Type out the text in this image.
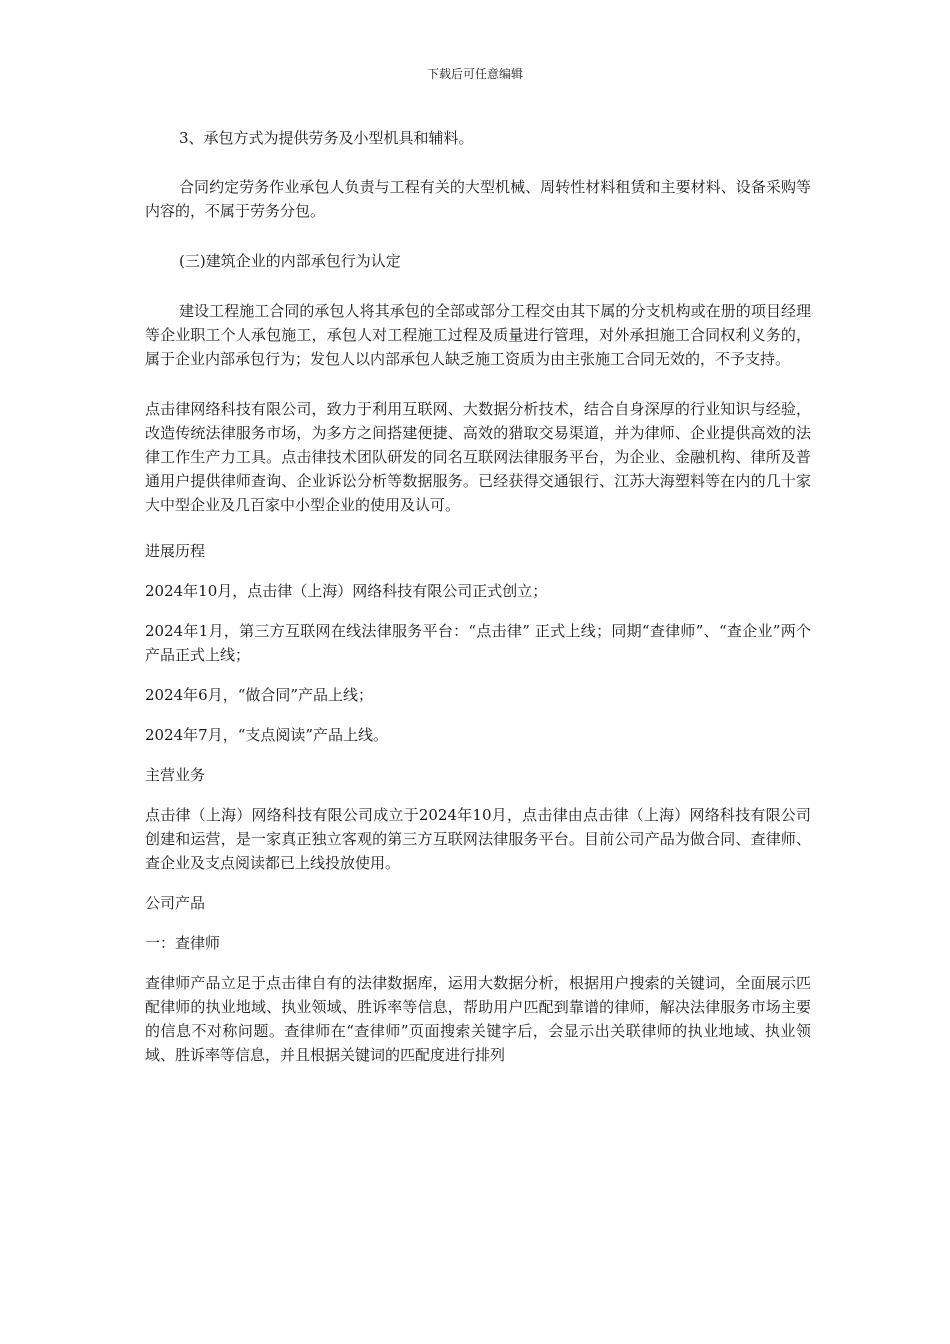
下载后可任意编辑

3、承包方式为提供劳务及小型机具和辅料。

合同约定劳务作业承包人负责与工程有关的大型机械、周转性材料租赁和主要材料、设备采购等内容的，不属于劳务分包。

(三)建筑企业的内部承包行为认定

建设工程施工合同的承包人将其承包的全部或部分工程交由其下属的分支机构或在册的项目经理等企业职工个人承包施工，承包人对工程施工过程及质量进行管理，对外承担施工合同权利义务的，属于企业内部承包行为；发包人以内部承包人缺乏施工资质为由主张施工合同无效的，不予支持。

点击律网络科技有限公司，致力于利用互联网、大数据分析技术，结合自身深厚的行业知识与经验，改造传统法律服务市场，为多方之间搭建便捷、高效的猎取交易渠道，并为律师、企业提供高效的法律工作生产力工具。点击律技术团队研发的同名互联网法律服务平台，为企业、金融机构、律所及普通用户提供律师查询、企业诉讼分析等数据服务。已经获得交通银行、江苏大海塑料等在内的几十家大中型企业及几百家中小型企业的使用及认可。

进展历程

2024年10月，点击律（上海）网络科技有限公司正式创立；

2024年1月，第三方互联网在线法律服务平台：“点击律” 正式上线；同期“查律师”、“查企业”两个产品正式上线；

2024年6月，“做合同”产品上线；

2024年7月，“支点阅读”产品上线。

主营业务

点击律（上海）网络科技有限公司成立于2024年10月，点击律由点击律（上海）网络科技有限公司创建和运营，是一家真正独立客观的第三方互联网法律服务平台。目前公司产品为做合同、查律师、查企业及支点阅读都已上线投放使用。

公司产品

一：查律师

查律师产品立足于点击律自有的法律数据库，运用大数据分析，根据用户搜索的关键词，全面展示匹配律师的执业地域、执业领域、胜诉率等信息，帮助用户匹配到靠谱的律师，解决法律服务市场主要的信息不对称问题。查律师在“查律师”页面搜索关键字后，会显示出关联律师的执业地域、执业领域、胜诉率等信息，并且根据关键词的匹配度进行排列
